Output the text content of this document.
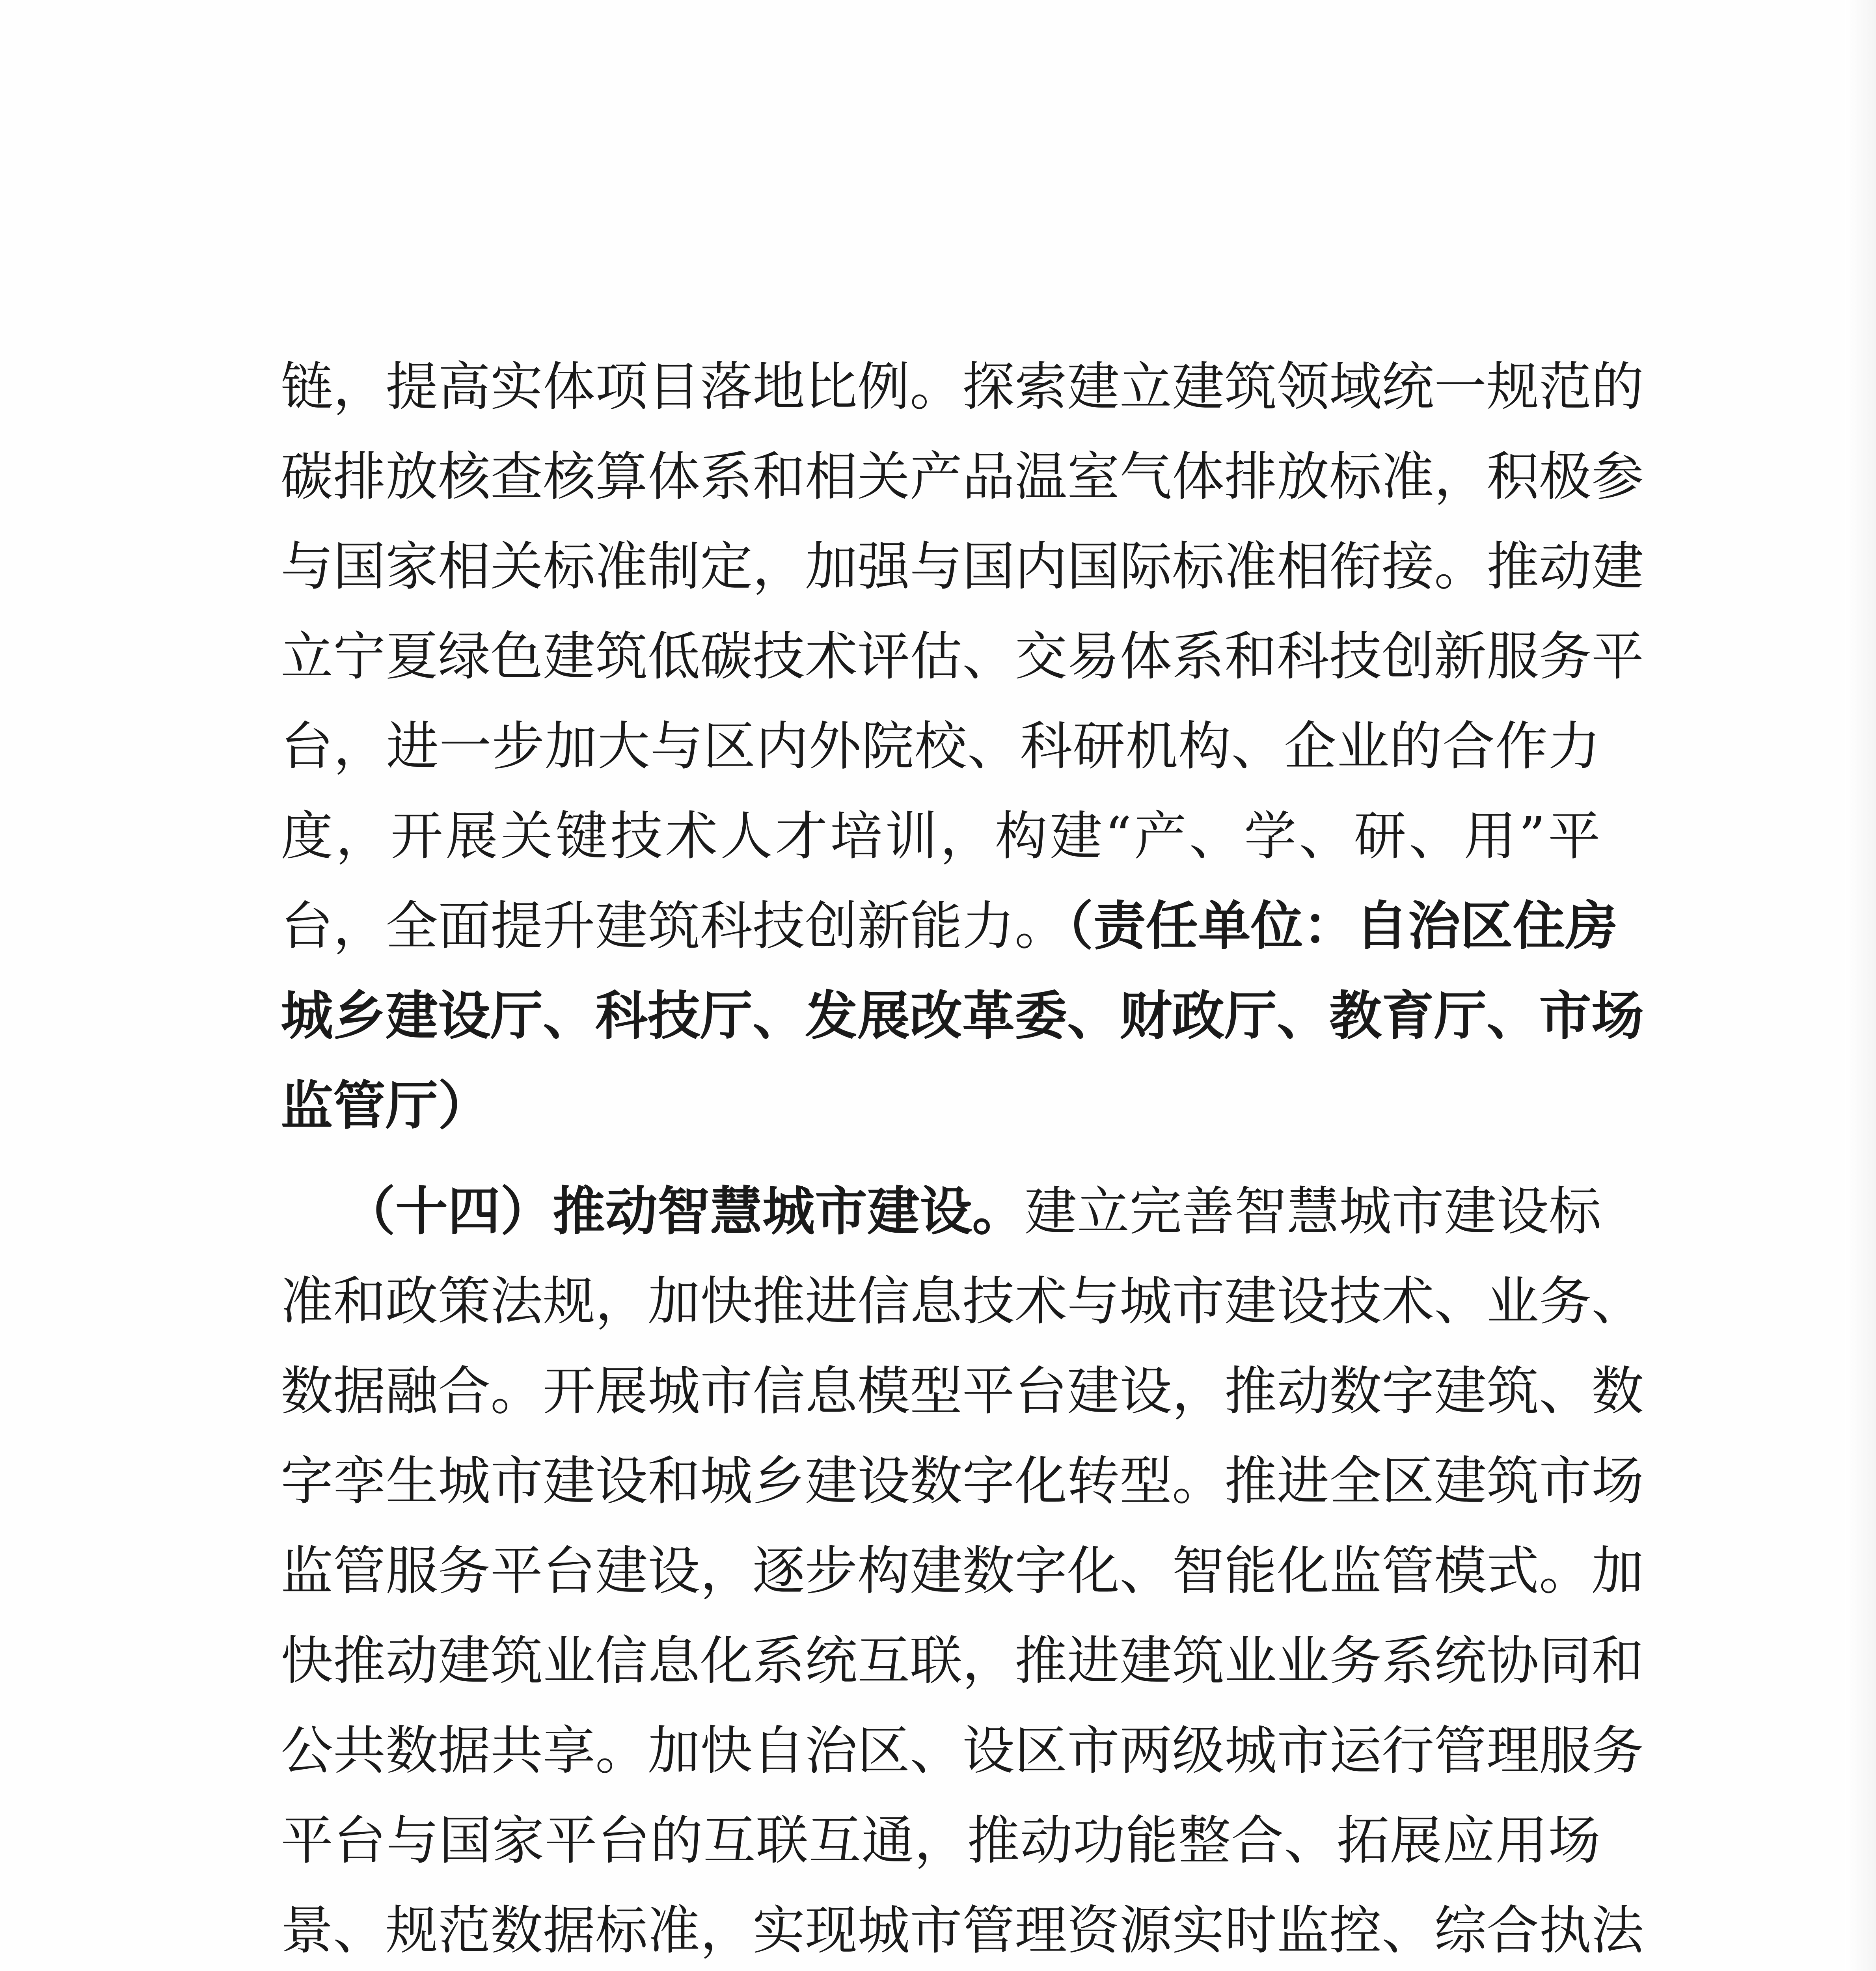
链，提高实体项目落地比例。探索建立建筑领域统一规范的
碳排放核查核算体系和相关产品温室气体排放标准，积极参
与国家相关标准制定，加强与国内国际标准相衔接。推动建
立宁夏绿色建筑低碳技术评估、交易体系和科技创新服务平
台，进一步加大与区内外院校、科研机构、企业的合作力
度，开展关键技术人才培训，构建“产、学、研、用”平
台，全面提升建筑科技创新能力。（责任单位：自治区住房
城乡建设厅、科技厅、发展改革委、财政厅、教育厅、市场
监管厅）
（十四）推动智慧城市建设。建立完善智慧城市建设标
准和政策法规，加快推进信息技术与城市建设技术、业务、
数据融合。开展城市信息模型平台建设，推动数字建筑、数
字孪生城市建设和城乡建设数字化转型。推进全区建筑市场
监管服务平台建设，逐步构建数字化、智能化监管模式。加
快推动建筑业信息化系统互联，推进建筑业业务系统协同和
公共数据共享。加快自治区、设区市两级城市运行管理服务
平台与国家平台的互联互通，推动功能整合、拓展应用场
景、规范数据标准，实现城市管理资源实时监控、综合执法
